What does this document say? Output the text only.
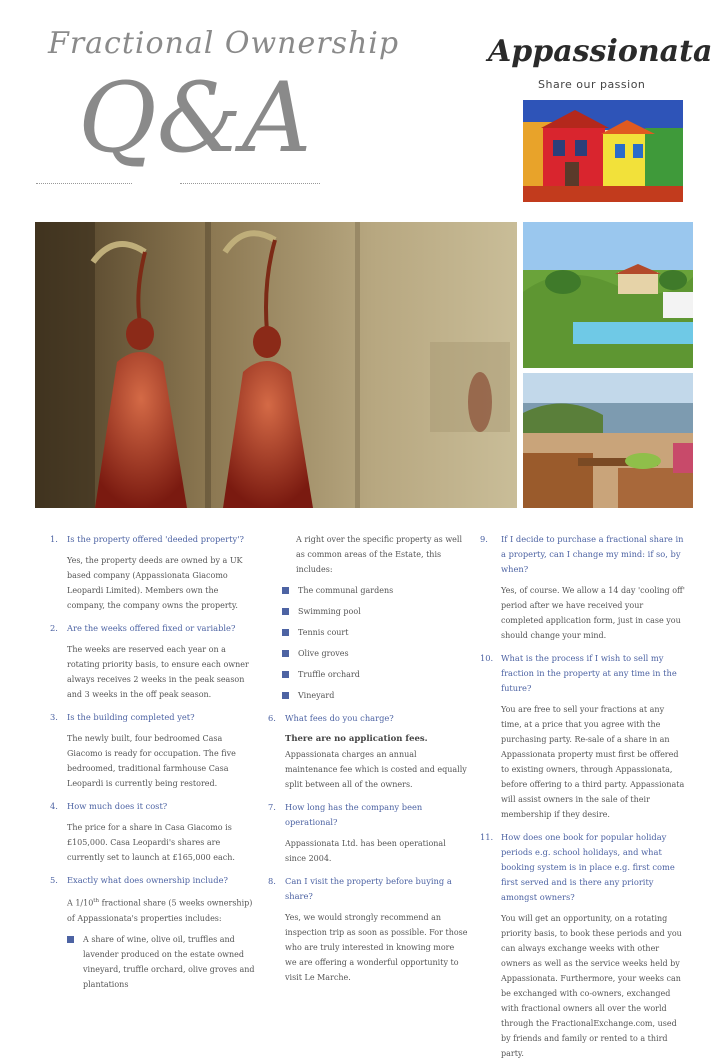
Fractional Ownership
Q&A
Appassionata
Share our passion
1.	Is the property offered 'deeded property'?
Yes, the property deeds are owned by a UK based company (Appassionata Giacomo Leopardi Limited). Members own the company, the company owns the property.
2.	Are the weeks offered fixed or variable?
The weeks are reserved each year on a rotating priority basis, to ensure each owner always receives 2 weeks in the peak season and 3 weeks in the off peak season.
3.	Is the building completed yet?
The newly built, four bedroomed Casa Giacomo is ready for occupation. The five bedroomed, traditional farmhouse Casa Leopardi is currently being restored.
4.	How much does it cost?
The price for a share in Casa Giacomo is £105,000. Casa Leopardi's shares are currently set to launch at £165,000 each.
5.	Exactly what does ownership include?
A 1/10th fractional share (5 weeks ownership) of Appassionata's properties includes:
A share of wine, olive oil, truffles and lavender produced on the estate owned vineyard, truffle orchard, olive groves and plantations
A right over the specific property as well as common areas of the Estate, this includes:
The communal gardens
Swimming pool
Tennis court
Olive groves
Truffle orchard
Vineyard
6.	What fees do you charge?
There are no application fees.
Appassionata charges an annual maintenance fee which is costed and equally split between all of the owners.
7.	How long has the company been operational?
Appassionata Ltd. has been operational since 2004.
8.	Can I visit the property before buying a share?
Yes, we would strongly recommend an inspection trip as soon as possible. For those who are truly interested in knowing more we are offering a wonderful opportunity to visit Le Marche.
9.	If I decide to purchase a fractional share in a property, can I change my mind: if so, by when?
Yes, of course. We allow a 14 day 'cooling off' period after we have received your completed application form, just in case you should change your mind.
10. What is the process if I wish to sell my fraction in the property at any time in the future?
You are free to sell your fractions at any time, at a price that you agree with the purchasing party. Re-sale of a share in an Appassionata property must first be offered to existing owners, through Appassionata, before offering to a third party. Appassionata will assist owners in the sale of their membership if they desire.
11. How does one book for popular holiday periods e.g. school holidays, and what booking system is in place e.g. first come first served and is there any priority amongst owners?
You will get an opportunity, on a rotating priority basis, to book these periods and you can always exchange weeks with other owners as well as the service weeks held by Appassionata. Furthermore, your weeks can be exchanged with co-owners, exchanged with fractional owners all over the world through the FractionalExchange.com, used by friends and family or rented to a third party.
